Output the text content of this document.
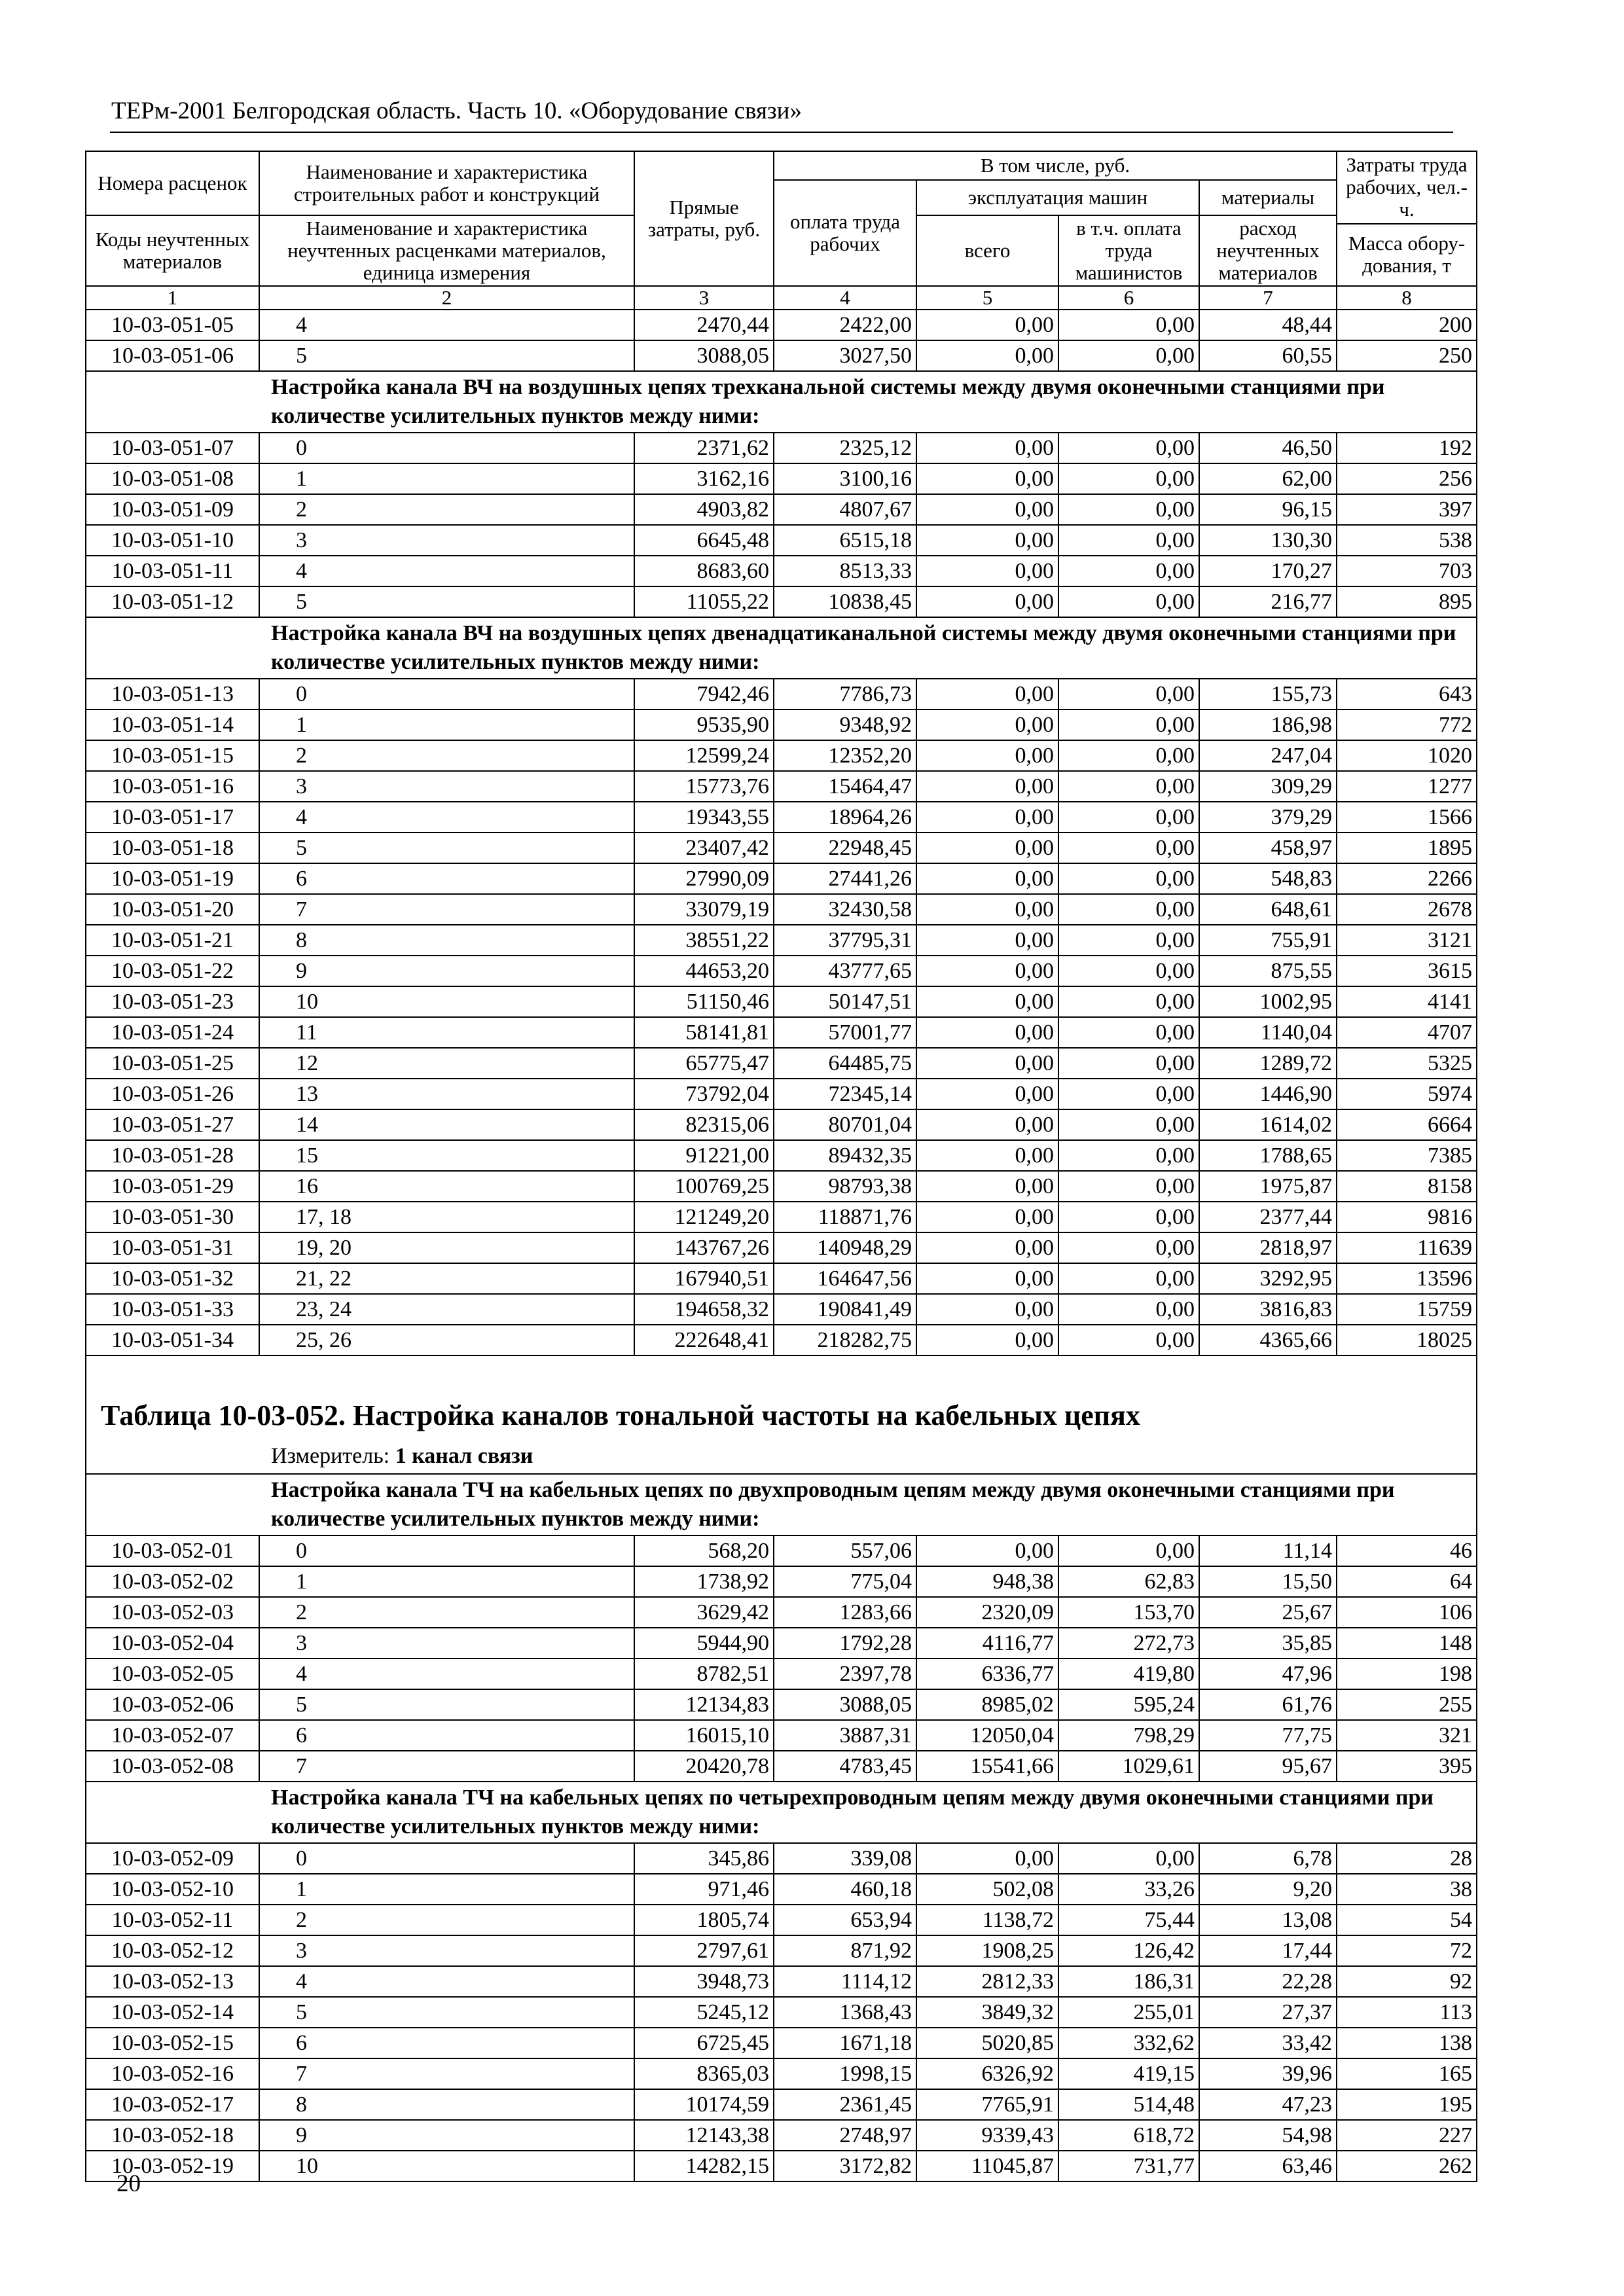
ТЕРм-2001 Белгородская область. Часть 10. «Оборудование связи»
Номера расценок	Наименование и характеристика строительных работ и конструкций	Прямые затраты, руб.	В том числе, руб.				Затраты труда рабочих, чел.-ч.
			оплата труда рабочих	эксплуатация машин		материалы	
Коды неучтенных материалов	Наименование и характеристика неучтенных расценками материалов, единица измерения			всего	в т.ч. оплата труда машинистов	расход неучтенных материалов	
							Масса обору-дования, т
1	2	3	4	5	6	7	8
10-03-051-05	4	2470,44	2422,00	0,00	0,00	48,44	200
10-03-051-06	5	3088,05	3027,50	0,00	0,00	60,55	250
Настройка канала ВЧ на воздушных цепях трехканальной системы между двумя оконечными станциями при количестве усилительных пунктов между ними:							
10-03-051-07	0	2371,62	2325,12	0,00	0,00	46,50	192
10-03-051-08	1	3162,16	3100,16	0,00	0,00	62,00	256
10-03-051-09	2	4903,82	4807,67	0,00	0,00	96,15	397
10-03-051-10	3	6645,48	6515,18	0,00	0,00	130,30	538
10-03-051-11	4	8683,60	8513,33	0,00	0,00	170,27	703
10-03-051-12	5	11055,22	10838,45	0,00	0,00	216,77	895
Настройка канала ВЧ на воздушных цепях двенадцатиканальной системы между двумя оконечными станциями при количестве усилительных пунктов между ними:							
10-03-051-13	0	7942,46	7786,73	0,00	0,00	155,73	643
10-03-051-14	1	9535,90	9348,92	0,00	0,00	186,98	772
10-03-051-15	2	12599,24	12352,20	0,00	0,00	247,04	1020
10-03-051-16	3	15773,76	15464,47	0,00	0,00	309,29	1277
10-03-051-17	4	19343,55	18964,26	0,00	0,00	379,29	1566
10-03-051-18	5	23407,42	22948,45	0,00	0,00	458,97	1895
10-03-051-19	6	27990,09	27441,26	0,00	0,00	548,83	2266
10-03-051-20	7	33079,19	32430,58	0,00	0,00	648,61	2678
10-03-051-21	8	38551,22	37795,31	0,00	0,00	755,91	3121
10-03-051-22	9	44653,20	43777,65	0,00	0,00	875,55	3615
10-03-051-23	10	51150,46	50147,51	0,00	0,00	1002,95	4141
10-03-051-24	11	58141,81	57001,77	0,00	0,00	1140,04	4707
10-03-051-25	12	65775,47	64485,75	0,00	0,00	1289,72	5325
10-03-051-26	13	73792,04	72345,14	0,00	0,00	1446,90	5974
10-03-051-27	14	82315,06	80701,04	0,00	0,00	1614,02	6664
10-03-051-28	15	91221,00	89432,35	0,00	0,00	1788,65	7385
10-03-051-29	16	100769,25	98793,38	0,00	0,00	1975,87	8158
10-03-051-30	17, 18	121249,20	118871,76	0,00	0,00	2377,44	9816
10-03-051-31	19, 20	143767,26	140948,29	0,00	0,00	2818,97	11639
10-03-051-32	21, 22	167940,51	164647,56	0,00	0,00	3292,95	13596
10-03-051-33	23, 24	194658,32	190841,49	0,00	0,00	3816,83	15759
10-03-051-34	25, 26	222648,41	218282,75	0,00	0,00	4365,66	18025

Таблица 10-03-052. Настройка каналов тональной частоты на кабельных цепях							
Измеритель: 1 канал связи							
Настройка канала ТЧ на кабельных цепях по двухпроводным цепям между двумя оконечными станциями при количестве усилительных пунктов между ними:							
10-03-052-01	0	568,20	557,06	0,00	0,00	11,14	46
10-03-052-02	1	1738,92	775,04	948,38	62,83	15,50	64
10-03-052-03	2	3629,42	1283,66	2320,09	153,70	25,67	106
10-03-052-04	3	5944,90	1792,28	4116,77	272,73	35,85	148
10-03-052-05	4	8782,51	2397,78	6336,77	419,80	47,96	198
10-03-052-06	5	12134,83	3088,05	8985,02	595,24	61,76	255
10-03-052-07	6	16015,10	3887,31	12050,04	798,29	77,75	321
10-03-052-08	7	20420,78	4783,45	15541,66	1029,61	95,67	395
Настройка канала ТЧ на кабельных цепях по четырехпроводным цепям между двумя оконечными станциями при количестве усилительных пунктов между ними:							
10-03-052-09	0	345,86	339,08	0,00	0,00	6,78	28
10-03-052-10	1	971,46	460,18	502,08	33,26	9,20	38
10-03-052-11	2	1805,74	653,94	1138,72	75,44	13,08	54
10-03-052-12	3	2797,61	871,92	1908,25	126,42	17,44	72
10-03-052-13	4	3948,73	1114,12	2812,33	186,31	22,28	92
10-03-052-14	5	5245,12	1368,43	3849,32	255,01	27,37	113
10-03-052-15	6	6725,45	1671,18	5020,85	332,62	33,42	138
10-03-052-16	7	8365,03	1998,15	6326,92	419,15	39,96	165
10-03-052-17	8	10174,59	2361,45	7765,91	514,48	47,23	195
10-03-052-18	9	12143,38	2748,97	9339,43	618,72	54,98	227
10-03-052-19	10	14282,15	3172,82	11045,87	731,77	63,46	262
20
